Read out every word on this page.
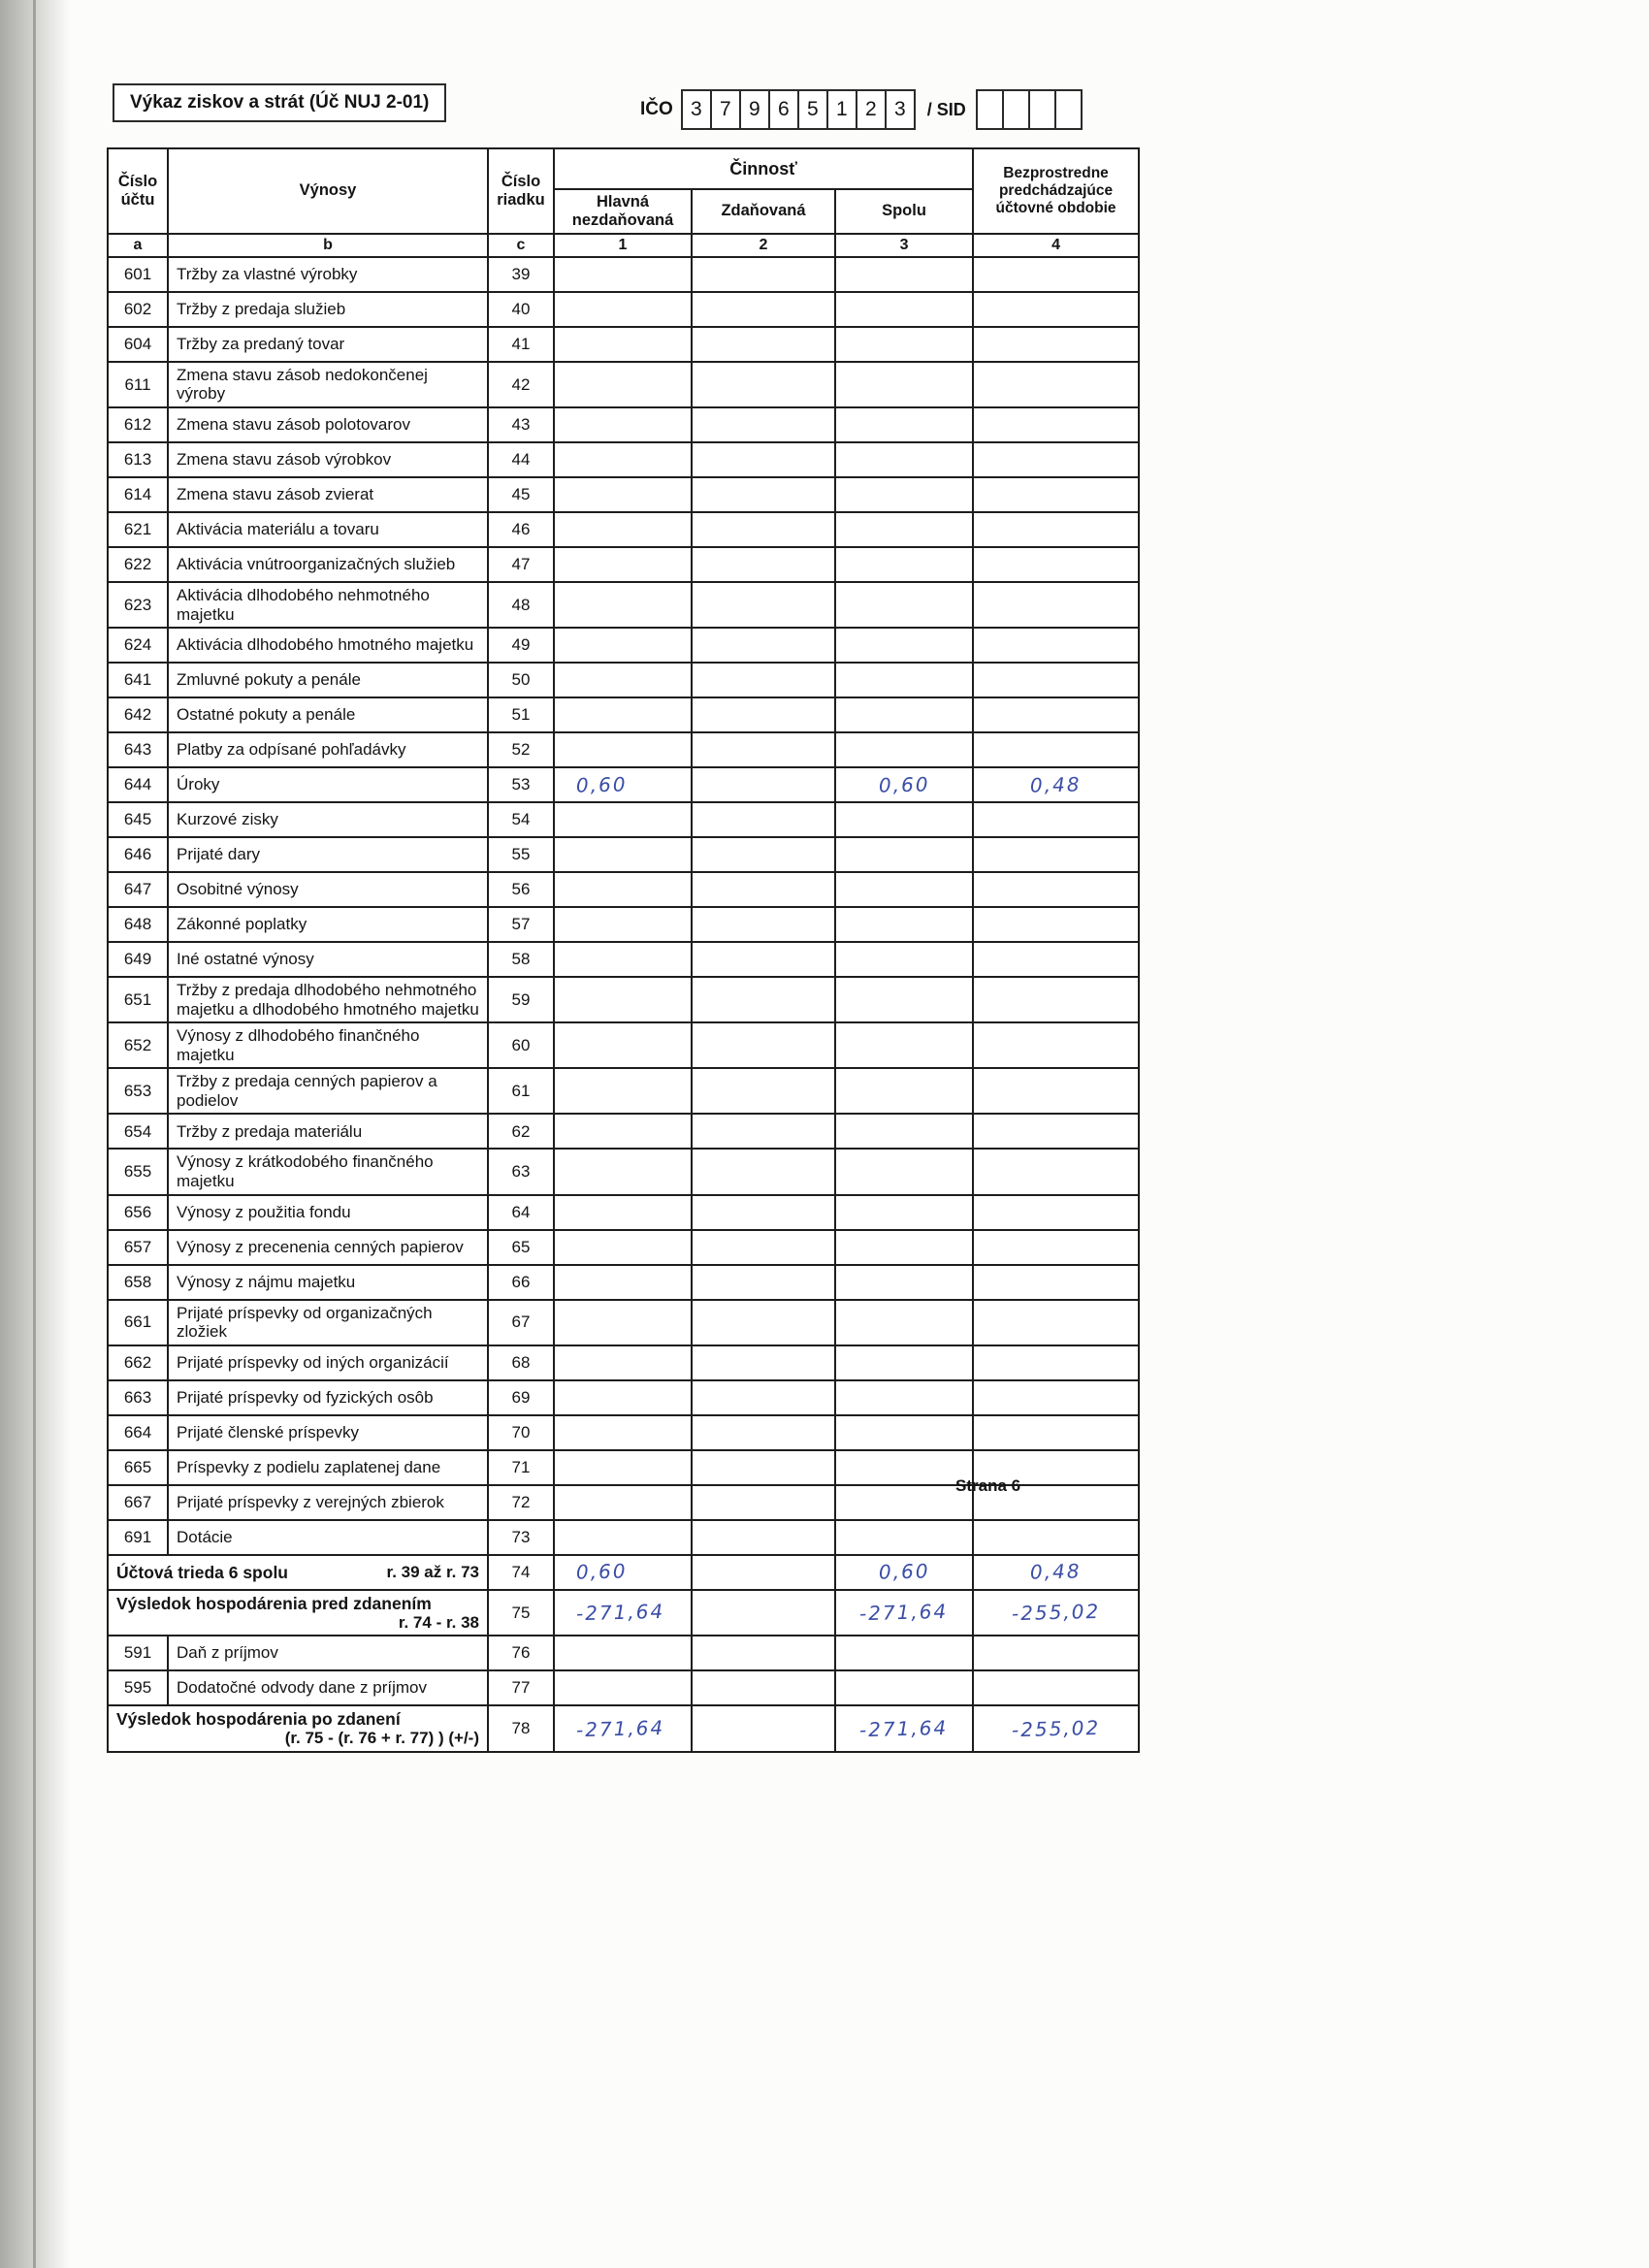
Výkaz ziskov a strát (Úč NUJ 2-01)	IČO 3 7 9 6 5 1 2 3	/ SID
Číslo účtu	Výnosy	Číslo riadku	Činnosť			Bezprostredne predchádzajúce účtovné obdobie
			Hlavná nezdaňovaná	Zdaňovaná	Spolu	
a	b	c	1	2	3	4
601	Tržby za vlastné výrobky	39				
602	Tržby z predaja služieb	40				
604	Tržby za predaný tovar	41				
611	Zmena stavu zásob nedokončenej výroby	42				
612	Zmena stavu zásob polotovarov	43				
613	Zmena stavu zásob výrobkov	44				
614	Zmena stavu zásob zvierat	45				
621	Aktivácia materiálu a tovaru	46				
622	Aktivácia vnútroorganizačných služieb	47				
623	Aktivácia dlhodobého nehmotného majetku	48				
624	Aktivácia dlhodobého hmotného majetku	49				
641	Zmluvné pokuty a penále	50				
642	Ostatné pokuty a penále	51				
643	Platby za odpísané pohľadávky	52				
644	Úroky	53	0,60		0,60	0,48
645	Kurzové zisky	54				
646	Prijaté dary	55				
647	Osobitné výnosy	56				
648	Zákonné poplatky	57				
649	Iné ostatné výnosy	58				
651	Tržby z predaja dlhodobého nehmotného majetku a dlhodobého hmotného majetku	59				
652	Výnosy z dlhodobého finančného majetku	60				
653	Tržby z predaja cenných papierov a podielov	61				
654	Tržby z predaja materiálu	62				
655	Výnosy z krátkodobého finančného majetku	63				
656	Výnosy z použitia fondu	64				
657	Výnosy z precenenia cenných papierov	65				
658	Výnosy z nájmu majetku	66				
661	Prijaté príspevky od organizačných zložiek	67				
662	Prijaté príspevky od iných organizácií	68				
663	Prijaté príspevky od fyzických osôb	69				
664	Prijaté členské príspevky	70				
665	Príspevky z podielu zaplatenej dane	71				
667	Prijaté príspevky z verejných zbierok	72				
691	Dotácie	73				

Účtová trieda 6 spolu r. 39 až r. 73		74	0,60		0,60	0,48

Výsledok hospodárenia pred zdanením
r. 74 - r. 38		75	-271,64		-271,64	-255,02
591	Daň z príjmov	76				
595	Dodatočné odvody dane z príjmov	77				

Výsledok hospodárenia po zdanení
(r. 75 - (r. 76 + r. 77) ) (+/-)		78	-271,64		-271,64	-255,02
Strana 6
